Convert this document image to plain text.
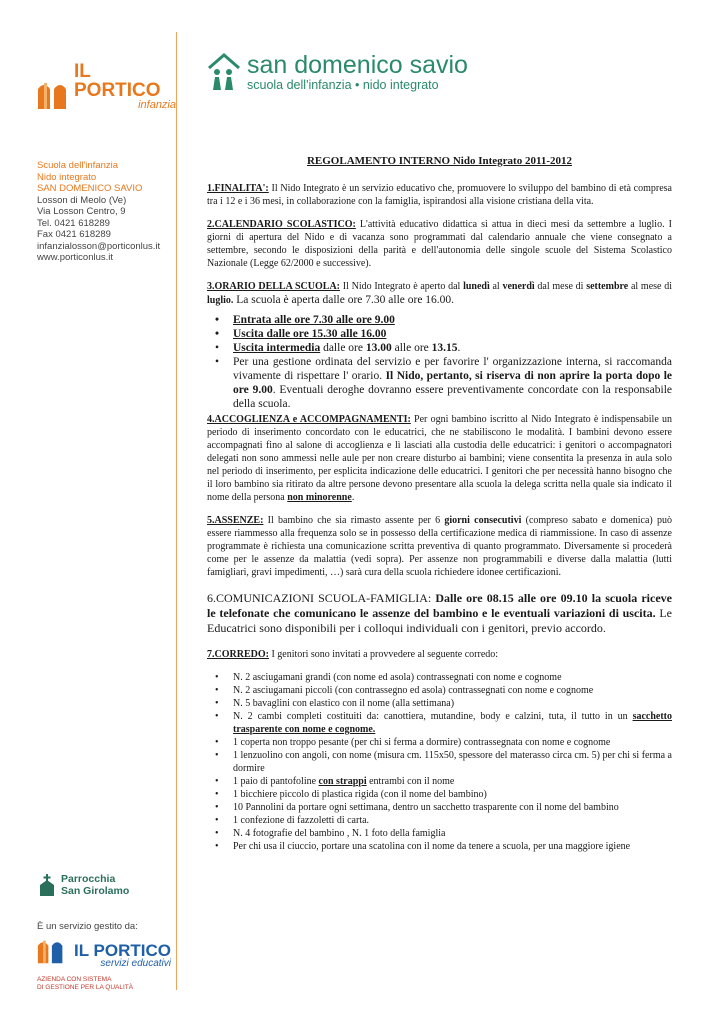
IL PORTICO
infanzia
Scuola dell'infanzia
Nido integrato
SAN DOMENICO SAVIO
Losson di Meolo (Ve)
Via Losson Centro, 9
Tel. 0421 618289
Fax 0421 618289
infanzialosson@porticonlus.it
www.porticonlus.it
Parrocchia
San Girolamo
È un servizio gestito da:
IL PORTICO
servizi educativi
AZIENDA CON SISTEMA
DI GESTIONE PER LA QUALITÀ
san domenico savio
scuola dell'infanzia • nido integrato
REGOLAMENTO INTERNO Nido Integrato 2011-2012

1.FINALITA': Il Nido Integrato è un servizio educativo che, promuovere lo sviluppo del bambino di età compresa tra i 12 e i 36 mesi, in collaborazione con la famiglia, ispirandosi alla visione cristiana della vita.

2.CALENDARIO SCOLASTICO: L'attività educativo didattica si attua in dieci mesi da settembre a luglio. I giorni di apertura del Nido e di vacanza sono programmati dal calendario annuale che viene consegnato a settembre, secondo le disposizioni della parità e dell'autonomia delle singole scuole del Sistema Scolastico Nazionale (Legge 62/2000 e successive).

3.ORARIO DELLA SCUOLA: Il Nido Integrato è aperto dal lunedì al venerdì dal mese di settembre al mese di luglio. La scuola è aperta dalle ore 7.30 alle ore 16.00.
• Entrata alle ore 7.30 alle ore 9.00
• Uscita dalle ore 15.30 alle 16.00
• Uscita intermedia dalle ore 13.00 alle ore 13.15.
• Per una gestione ordinata del servizio e per favorire l' organizzazione interna, si raccomanda vivamente di rispettare l' orario. Il Nido, pertanto, si riserva di non aprire la porta dopo le ore 9.00. Eventuali deroghe dovranno essere preventivamente concordate con la responsabile della scuola.

4.ACCOGLIENZA e ACCOMPAGNAMENTI: Per ogni bambino iscritto al Nido Integrato è indispensabile un periodo di inserimento concordato con le educatrici, che ne stabiliscono le modalità. I bambini devono essere accompagnati fino al salone di accoglienza e lì lasciati alla custodia delle educatrici: i genitori o accompagnatori delegati non sono ammessi nelle aule per non creare disturbo ai bambini; viene consentita la presenza in aula solo nel periodo di inserimento, per esplicita indicazione delle educatrici. I genitori che per necessità hanno bisogno che il loro bambino sia ritirato da altre persone devono presentare alla scuola la delega scritta nella quale sia indicato il nome della persona non minorenne.

5.ASSENZE: Il bambino che sia rimasto assente per 6 giorni consecutivi (compreso sabato e domenica) può essere riammesso alla frequenza solo se in possesso della certificazione medica di riammissione. In caso di assenze programmate è richiesta una comunicazione scritta preventiva di quanto programmato. Diversamente si procederà come per le assenze da malattia (vedi sopra). Per assenze non programmabili e diverse dalla malattia (lutti famigliari, gravi impedimenti, …) sarà cura della scuola richiedere idonee certificazioni.

6.COMUNICAZIONI SCUOLA-FAMIGLIA: Dalle ore 08.15 alle ore 09.10 la scuola riceve le telefonate che comunicano le assenze del bambino e le eventuali variazioni di uscita. Le Educatrici sono disponibili per i colloqui individuali con i genitori, previo accordo.

7.CORREDO: I genitori sono invitati a provvedere al seguente corredo:
• N. 2 asciugamani grandi (con nome ed asola) contrassegnati con nome e cognome
• N. 2 asciugamani piccoli (con contrassegno ed asola) contrassegnati con nome e cognome
• N. 5 bavaglini con elastico con il nome (alla settimana)
• N. 2 cambi completi costituiti da: canottiera, mutandine, body e calzini, tuta, il tutto in un sacchetto trasparente con nome e cognome.
• 1 coperta non troppo pesante (per chi si ferma a dormire) contrassegnata con nome e cognome
• 1 lenzuolino con angoli, con nome (misura cm. 115x50, spessore del materasso circa cm. 5) per chi si ferma a dormire
• 1 paio di pantofoline con strappi entrambi con il nome
• 1 bicchiere piccolo di plastica rigida (con il nome del bambino)
• 10 Pannolini da portare ogni settimana, dentro un sacchetto trasparente con il nome del bambino
• 1 confezione di fazzoletti di carta.
• N. 4 fotografie del bambino , N. 1 foto della famiglia
• Per chi usa il ciuccio, portare una scatolina con il nome da tenere a scuola, per una maggiore igiene
